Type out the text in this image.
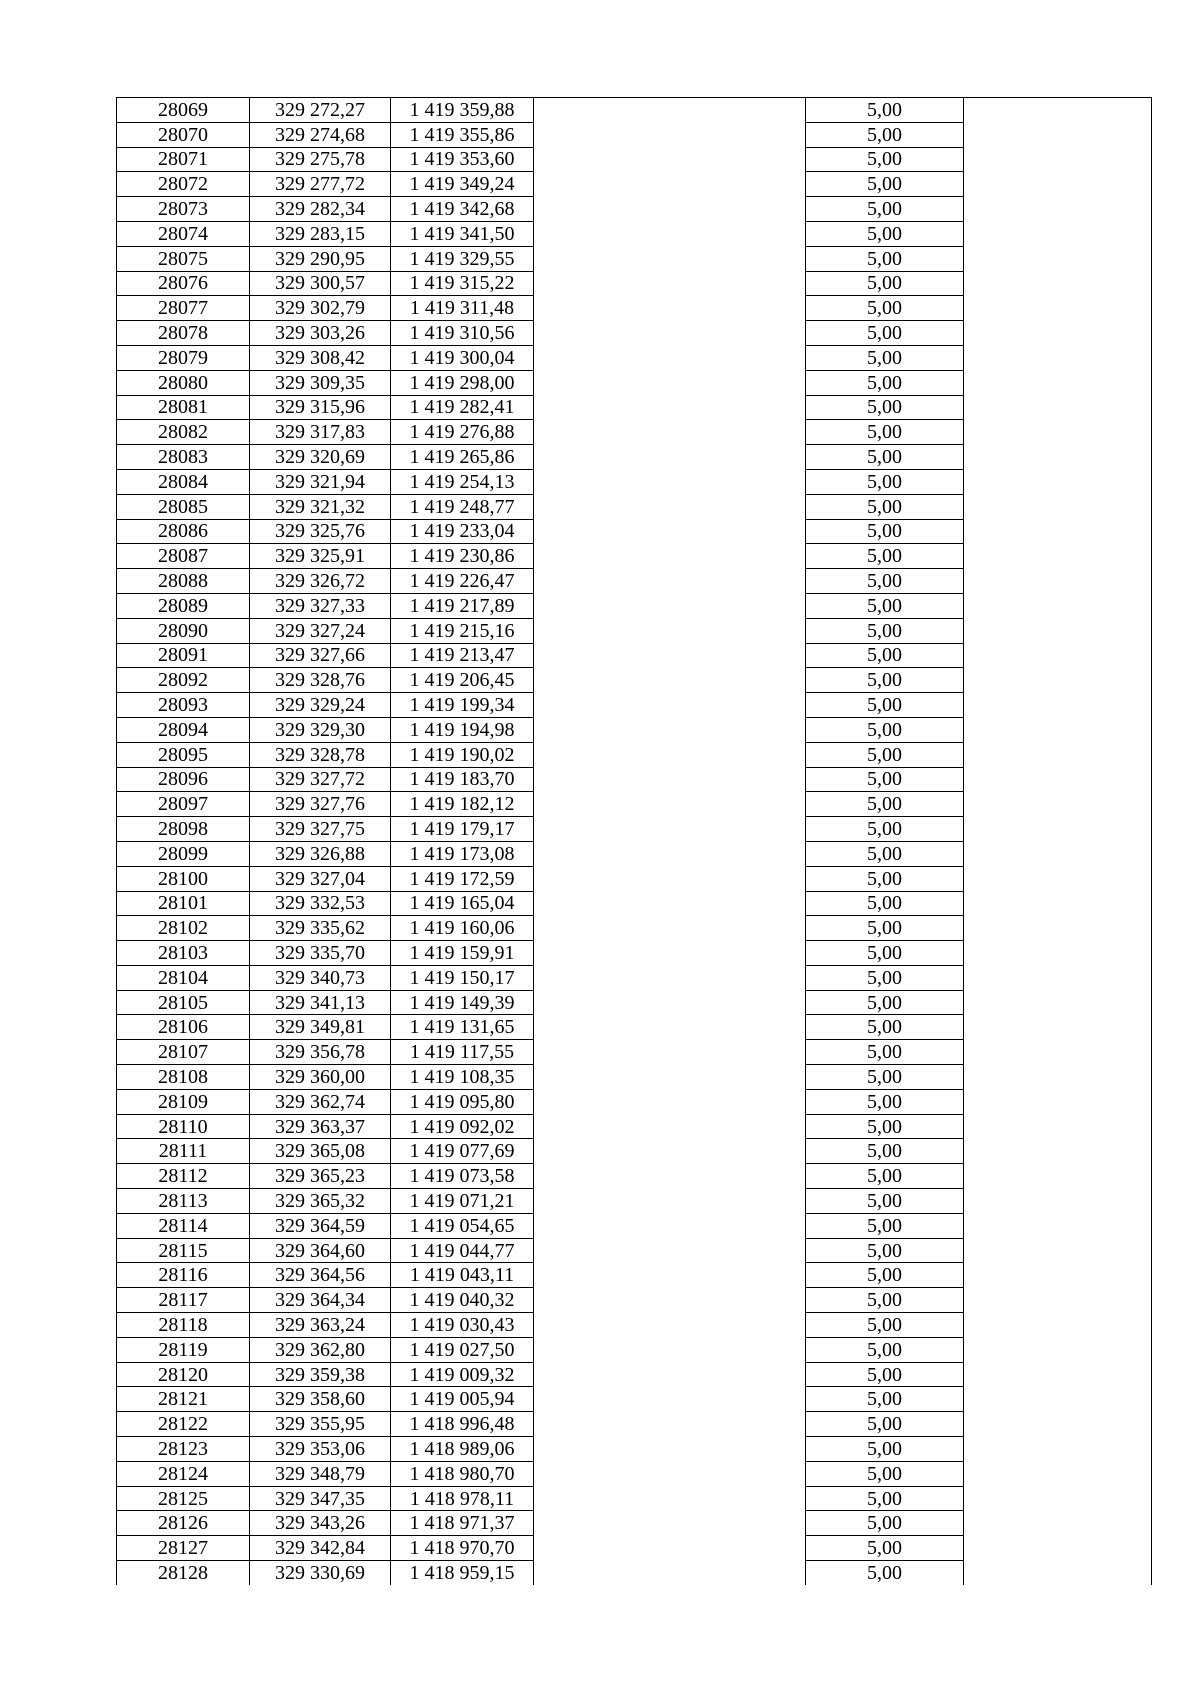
28069	329 272,27	1 419 359,88		5,00	
28070	329 274,68	1 419 355,86		5,00	
28071	329 275,78	1 419 353,60		5,00	
28072	329 277,72	1 419 349,24		5,00	
28073	329 282,34	1 419 342,68		5,00	
28074	329 283,15	1 419 341,50		5,00	
28075	329 290,95	1 419 329,55		5,00	
28076	329 300,57	1 419 315,22		5,00	
28077	329 302,79	1 419 311,48		5,00	
28078	329 303,26	1 419 310,56		5,00	
28079	329 308,42	1 419 300,04		5,00	
28080	329 309,35	1 419 298,00		5,00	
28081	329 315,96	1 419 282,41		5,00	
28082	329 317,83	1 419 276,88		5,00	
28083	329 320,69	1 419 265,86		5,00	
28084	329 321,94	1 419 254,13		5,00	
28085	329 321,32	1 419 248,77		5,00	
28086	329 325,76	1 419 233,04		5,00	
28087	329 325,91	1 419 230,86		5,00	
28088	329 326,72	1 419 226,47		5,00	
28089	329 327,33	1 419 217,89		5,00	
28090	329 327,24	1 419 215,16		5,00	
28091	329 327,66	1 419 213,47		5,00	
28092	329 328,76	1 419 206,45		5,00	
28093	329 329,24	1 419 199,34		5,00	
28094	329 329,30	1 419 194,98		5,00	
28095	329 328,78	1 419 190,02		5,00	
28096	329 327,72	1 419 183,70		5,00	
28097	329 327,76	1 419 182,12		5,00	
28098	329 327,75	1 419 179,17		5,00	
28099	329 326,88	1 419 173,08		5,00	
28100	329 327,04	1 419 172,59		5,00	
28101	329 332,53	1 419 165,04		5,00	
28102	329 335,62	1 419 160,06		5,00	
28103	329 335,70	1 419 159,91		5,00	
28104	329 340,73	1 419 150,17		5,00	
28105	329 341,13	1 419 149,39		5,00	
28106	329 349,81	1 419 131,65		5,00	
28107	329 356,78	1 419 117,55		5,00	
28108	329 360,00	1 419 108,35		5,00	
28109	329 362,74	1 419 095,80		5,00	
28110	329 363,37	1 419 092,02		5,00	
28111	329 365,08	1 419 077,69		5,00	
28112	329 365,23	1 419 073,58		5,00	
28113	329 365,32	1 419 071,21		5,00	
28114	329 364,59	1 419 054,65		5,00	
28115	329 364,60	1 419 044,77		5,00	
28116	329 364,56	1 419 043,11		5,00	
28117	329 364,34	1 419 040,32		5,00	
28118	329 363,24	1 419 030,43		5,00	
28119	329 362,80	1 419 027,50		5,00	
28120	329 359,38	1 419 009,32		5,00	
28121	329 358,60	1 419 005,94		5,00	
28122	329 355,95	1 418 996,48		5,00	
28123	329 353,06	1 418 989,06		5,00	
28124	329 348,79	1 418 980,70		5,00	
28125	329 347,35	1 418 978,11		5,00	
28126	329 343,26	1 418 971,37		5,00	
28127	329 342,84	1 418 970,70		5,00	
28128	329 330,69	1 418 959,15		5,00	
